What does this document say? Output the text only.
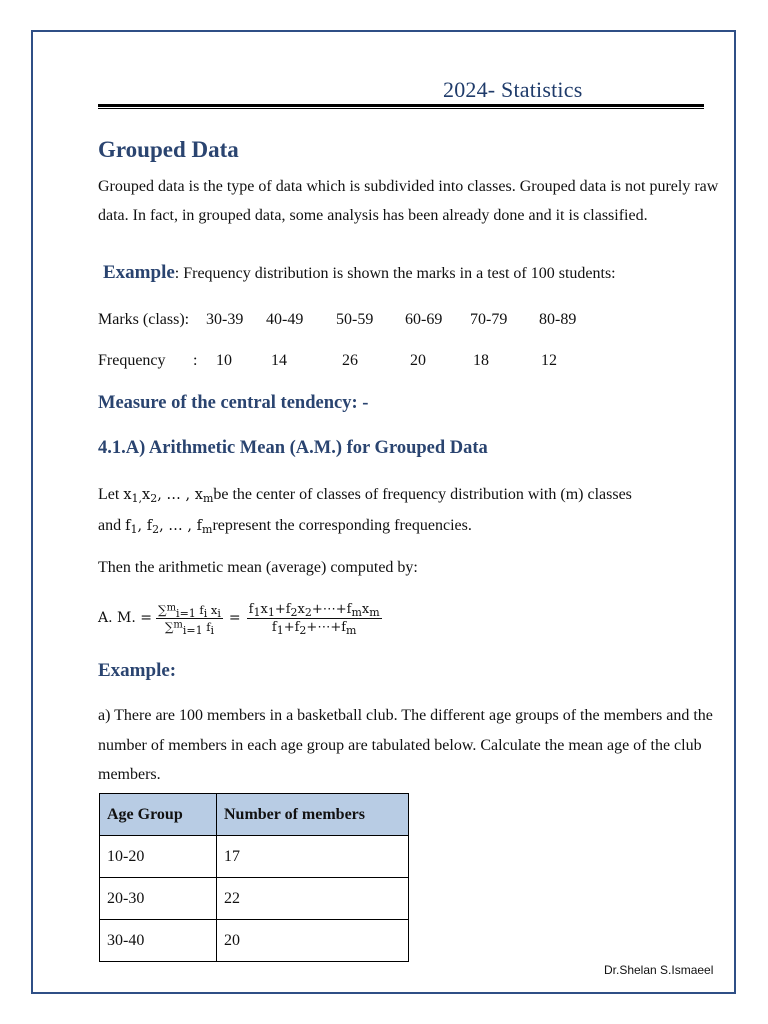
2024- Statistics
Grouped Data
Grouped data is the type of data which is subdivided into classes. Grouped data is not purely raw data. In fact, in grouped data, some analysis has been already done and it is classified.
Example: Frequency distribution is shown the marks in a test of 100 students:
Marks (class): 30-39 40-49 50-59 60-69 70-79 80-89
Frequency : 10 14	26	20	18	12
Measure of the central tendency: -
4.1.A) Arithmetic Mean (A.M.) for Grouped Data
Let $x_{1,}x_2$, … , $x_mbe$ the center of classes of frequency distribution with (m) classes
and $f_1$, $f_2$, … , $f_mrepresent$ the corresponding frequencies.
Then the arithmetic mean (average) computed by:
A. M. = $\frac{\sum^m_{i=1} f_i x_i}{\sum^m_{i=1} f_i} = \frac{f_1x_1+f_2x_2+\cdots+f_mx_m}{f_1+f_2+\cdots+f_m}$
Example:
a) There are 100 members in a basketball club. The different age groups of the members and the number of members in each age group are tabulated below. Calculate the mean age of the club members.
Age Group	Number of members
10-20	17
20-30	22
30-40	20
Dr.Shelan S.Ismaeel
